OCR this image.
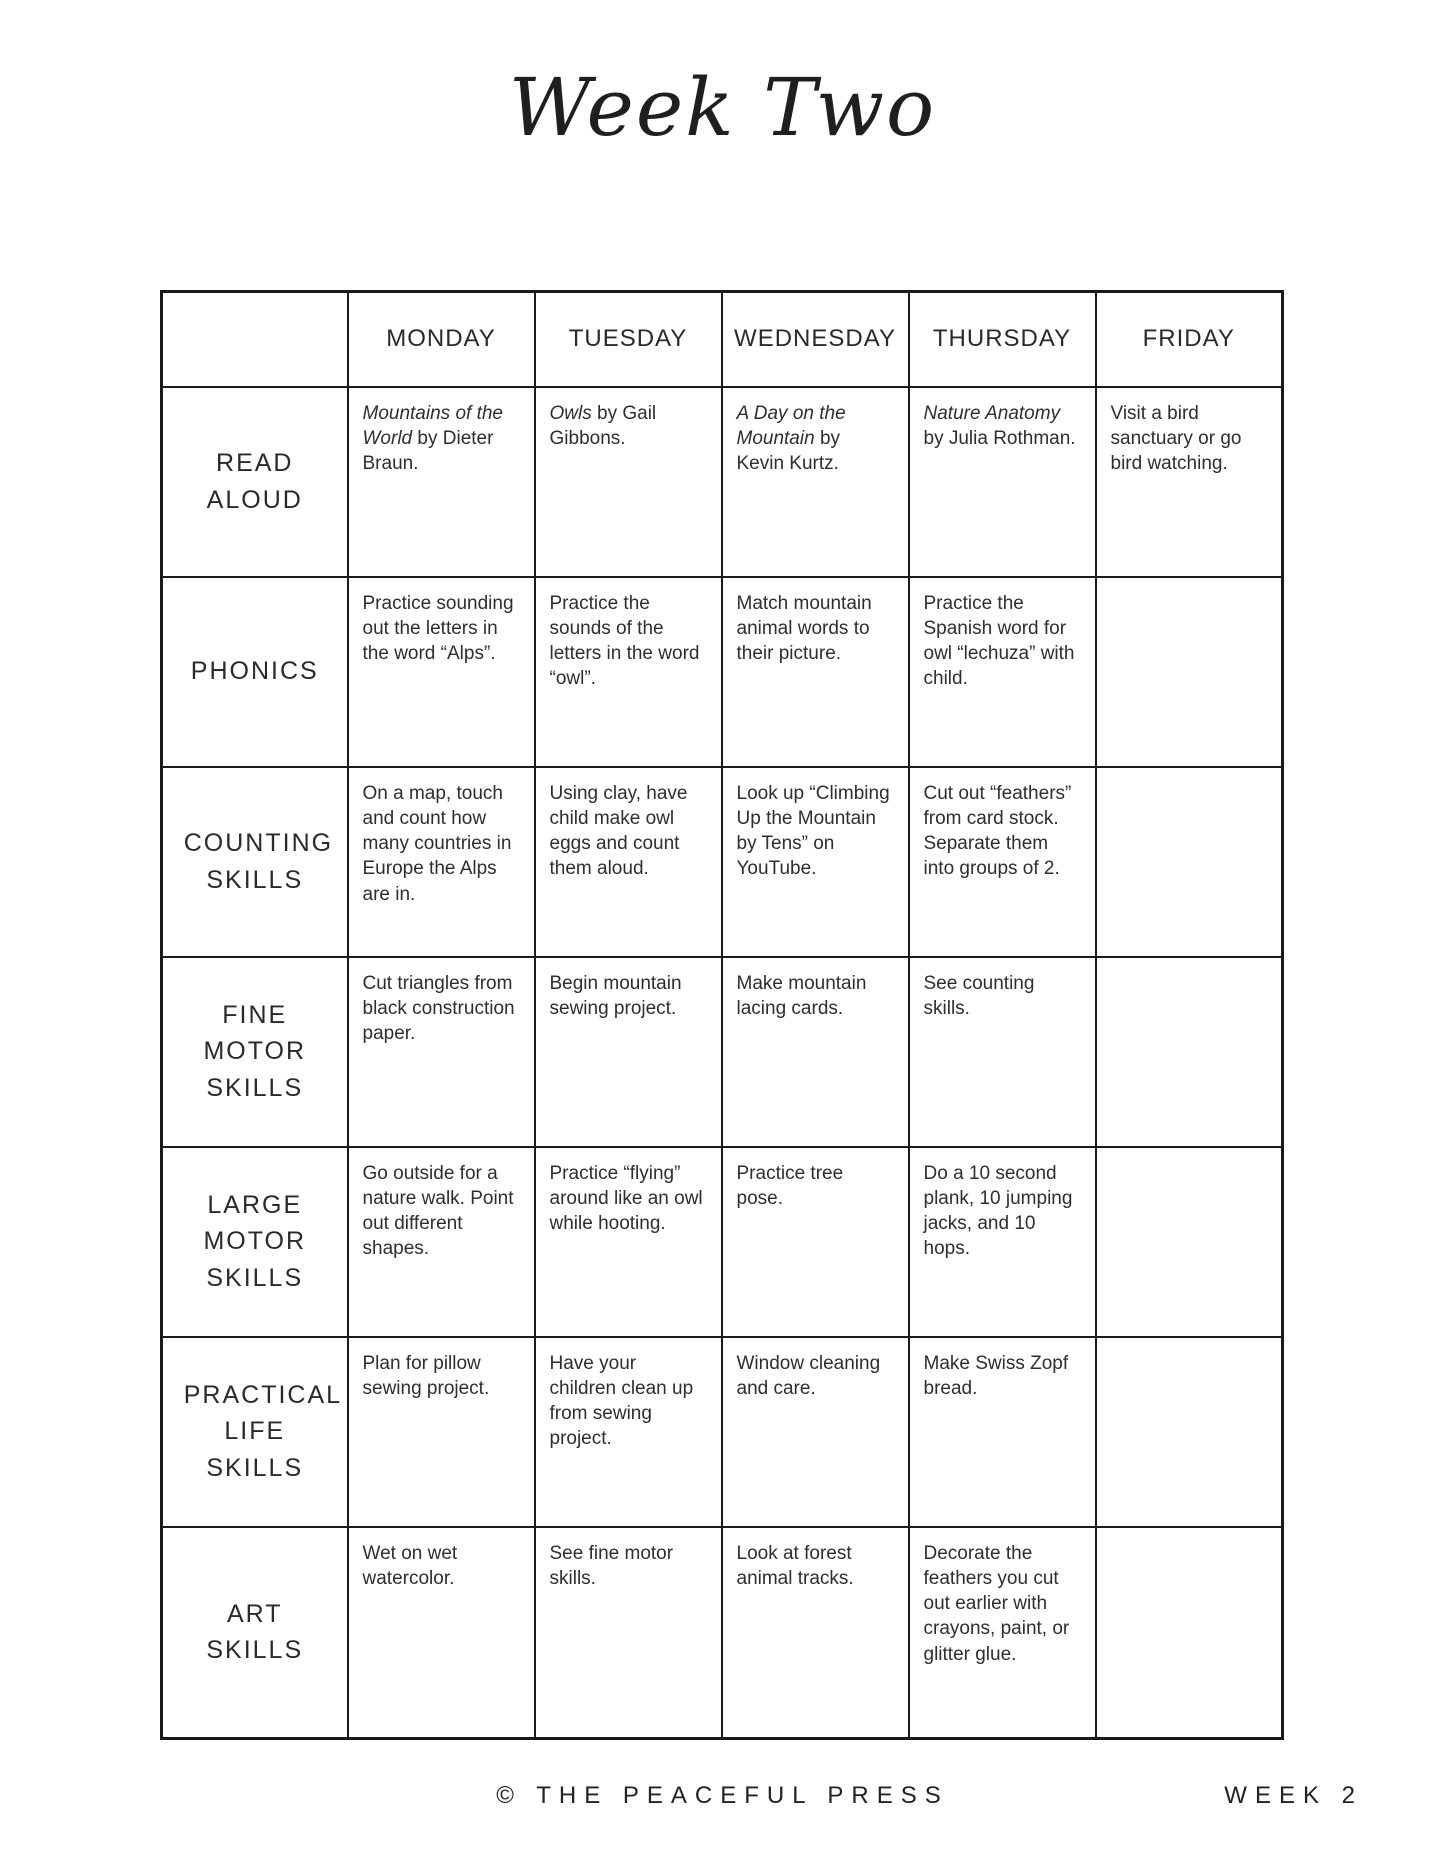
Week Two
	MONDAY	TUESDAY	WEDNESDAY	THURSDAY	FRIDAY
READ ALOUD	Mountains of the World by Dieter Braun.	Owls by Gail Gibbons.	A Day on the Mountain by Kevin Kurtz.	Nature Anatomy by Julia Rothman.	Visit a bird sanctuary or go bird watching.
PHONICS	Practice sounding out the letters in the word “Alps”.	Practice the sounds of the letters in the word “owl”.	Match mountain animal words to their picture.	Practice the Spanish word for owl “lechuza” with child.	
COUNTING SKILLS	On a map, touch and count how many countries in Europe the Alps are in.	Using clay, have child make owl eggs and count them aloud.	Look up “Climbing Up the Mountain by Tens” on YouTube.	Cut out “feathers” from card stock. Separate them into groups of 2.	
FINE MOTOR SKILLS	Cut triangles from black construction paper.	Begin mountain sewing project.	Make mountain lacing cards.	See counting skills.	
LARGE MOTOR SKILLS	Go outside for a nature walk. Point out different shapes.	Practice “flying” around like an owl while hooting.	Practice tree pose.	Do a 10 second plank, 10 jumping jacks, and 10 hops.	
PRACTICAL LIFE SKILLS	Plan for pillow sewing project.	Have your children clean up from sewing project.	Window cleaning and care.	Make Swiss Zopf bread.	
ART SKILLS	Wet on wet watercolor.	See fine motor skills.	Look at forest animal tracks.	Decorate the feathers you cut out earlier with crayons, paint, or glitter glue.	
© THE PEACEFUL PRESS	WEEK 2
